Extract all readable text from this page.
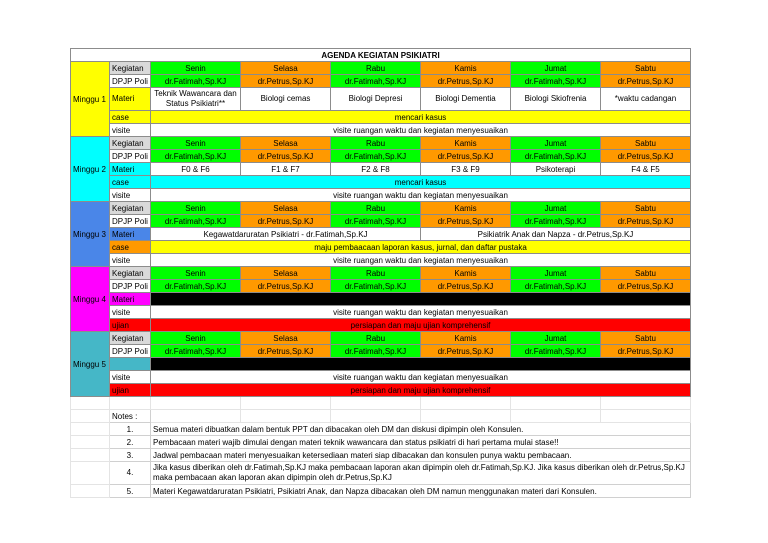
AGENDA KEGIATAN PSIKIATRI							
Minggu 1	Kegiatan	Senin	Selasa	Rabu	Kamis	Jumat	Sabtu
	DPJP Poli	dr.Fatimah,Sp.KJ	dr.Petrus,Sp.KJ	dr.Fatimah,Sp.KJ	dr.Petrus,Sp.KJ	dr.Fatimah,Sp.KJ	dr.Petrus,Sp.KJ
	Materi	Teknik Wawancara dan Status Psikiatri**	Biologi cemas	Biologi Depresi	Biologi Dementia	Biologi Skiofrenia	*waktu cadangan
	case	mencari kasus					
	visite	visite ruangan waktu dan kegiatan menyesuaikan					
Minggu 2	Kegiatan	Senin	Selasa	Rabu	Kamis	Jumat	Sabtu
	DPJP Poli	dr.Fatimah,Sp.KJ	dr.Petrus,Sp.KJ	dr.Fatimah,Sp.KJ	dr.Petrus,Sp.KJ	dr.Fatimah,Sp.KJ	dr.Petrus,Sp.KJ
	Materi	F0 & F6	F1 & F7	F2 & F8	F3 & F9	Psikoterapi	F4 & F5
	case	mencari kasus					
	visite	visite ruangan waktu dan kegiatan menyesuaikan					
Minggu 3	Kegiatan	Senin	Selasa	Rabu	Kamis	Jumat	Sabtu
	DPJP Poli	dr.Fatimah,Sp.KJ	dr.Petrus,Sp.KJ	dr.Fatimah,Sp.KJ	dr.Petrus,Sp.KJ	dr.Fatimah,Sp.KJ	dr.Petrus,Sp.KJ
	Materi	Kegawatdaruratan Psikiatri - dr.Fatimah,Sp.KJ			Psikiatrik Anak dan Napza - dr.Petrus,Sp.KJ		
	case	maju pembaacaan laporan kasus, jurnal, dan daftar pustaka					
	visite	visite ruangan waktu dan kegiatan menyesuaikan					
Minggu 4	Kegiatan	Senin	Selasa	Rabu	Kamis	Jumat	Sabtu
	DPJP Poli	dr.Fatimah,Sp.KJ	dr.Petrus,Sp.KJ	dr.Fatimah,Sp.KJ	dr.Petrus,Sp.KJ	dr.Fatimah,Sp.KJ	dr.Petrus,Sp.KJ
	Materi						
	visite	visite ruangan waktu dan kegiatan menyesuaikan					
	ujian	persiapan dan maju ujian komprehensif					
Minggu 5	Kegiatan	Senin	Selasa	Rabu	Kamis	Jumat	Sabtu
	DPJP Poli	dr.Fatimah,Sp.KJ	dr.Petrus,Sp.KJ	dr.Fatimah,Sp.KJ	dr.Petrus,Sp.KJ	dr.Fatimah,Sp.KJ	dr.Petrus,Sp.KJ

	visite	visite ruangan waktu dan kegiatan menyesuaikan					
	ujian	persiapan dan maju ujian komprehensif					

	Notes :						
	1.	Semua materi dibuatkan dalam bentuk PPT dan dibacakan oleh DM dan diskusi dipimpin oleh Konsulen.					
	2.	Pembacaan materi wajib dimulai dengan materi teknik wawancara dan status psikiatri di hari pertama mulai stase!!					
	3.	Jadwal pembacaan materi menyesuaikan ketersediaan materi siap dibacakan dan konsulen punya waktu pembacaan.					
	4.	Jika kasus diberikan oleh dr.Fatimah,Sp.KJ maka pembacaan laporan akan dipimpin oleh dr.Fatimah,Sp.KJ. Jika kasus diberikan oleh dr.Petrus,Sp.KJ maka pembacaan akan laporan akan dipimpin oleh dr.Petrus,Sp.KJ					
	5.	Materi Kegawatdaruratan Psikiatri, Psikiatri Anak, dan Napza dibacakan oleh DM namun menggunakan materi dari Konsulen.					
